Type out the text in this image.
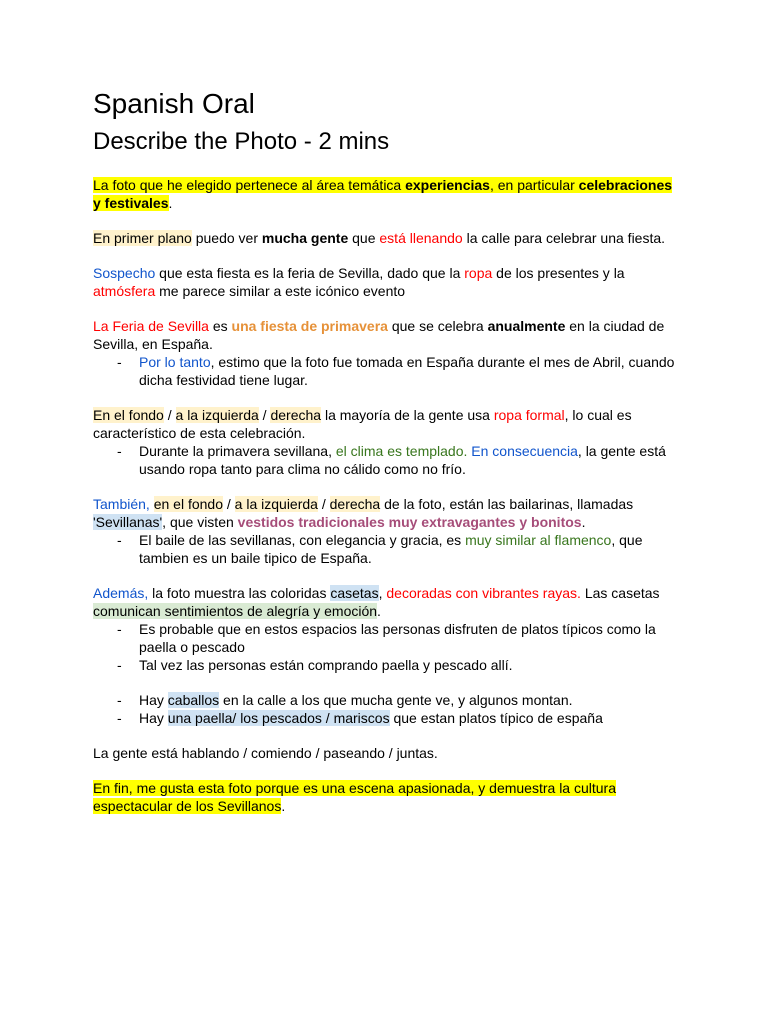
Spanish Oral
Describe the Photo - 2 mins

La foto que he elegido pertenece al área temática experiencias, en particular celebraciones y festivales.

En primer plano puedo ver mucha gente que está llenando la calle para celebrar una fiesta.

Sospecho que esta fiesta es la feria de Sevilla, dado que la ropa de los presentes y la atmósfera me parece similar a este icónico evento

La Feria de Sevilla es una fiesta de primavera que se celebra anualmente en la ciudad de Sevilla, en España.

- Por lo tanto, estimo que la foto fue tomada en España durante el mes de Abril, cuando dicha festividad tiene lugar.

En el fondo / a la izquierda / derecha la mayoría de la gente usa ropa formal, lo cual es característico de esta celebración.

- Durante la primavera sevillana, el clima es templado. En consecuencia, la gente está usando ropa tanto para clima no cálido como no frío.

También, en el fondo / a la izquierda / derecha de la foto, están las bailarinas, llamadas 'Sevillanas', que visten vestidos tradicionales muy extravagantes y bonitos.

- El baile de las sevillanas, con elegancia y gracia, es muy similar al flamenco, que tambien es un baile tipico de España.

Además, la foto muestra las coloridas casetas, decoradas con vibrantes rayas. Las casetas comunican sentimientos de alegría y emoción.

- Es probable que en estos espacios las personas disfruten de platos típicos como la paella o pescado
- Tal vez las personas están comprando paella y pescado allí.
- Hay caballos en la calle a los que mucha gente ve, y algunos montan.
- Hay una paella/ los pescados / mariscos que estan platos típico de españa

La gente está hablando / comiendo / paseando / juntas.

En fin, me gusta esta foto porque es una escena apasionada, y demuestra la cultura espectacular de los Sevillanos.
